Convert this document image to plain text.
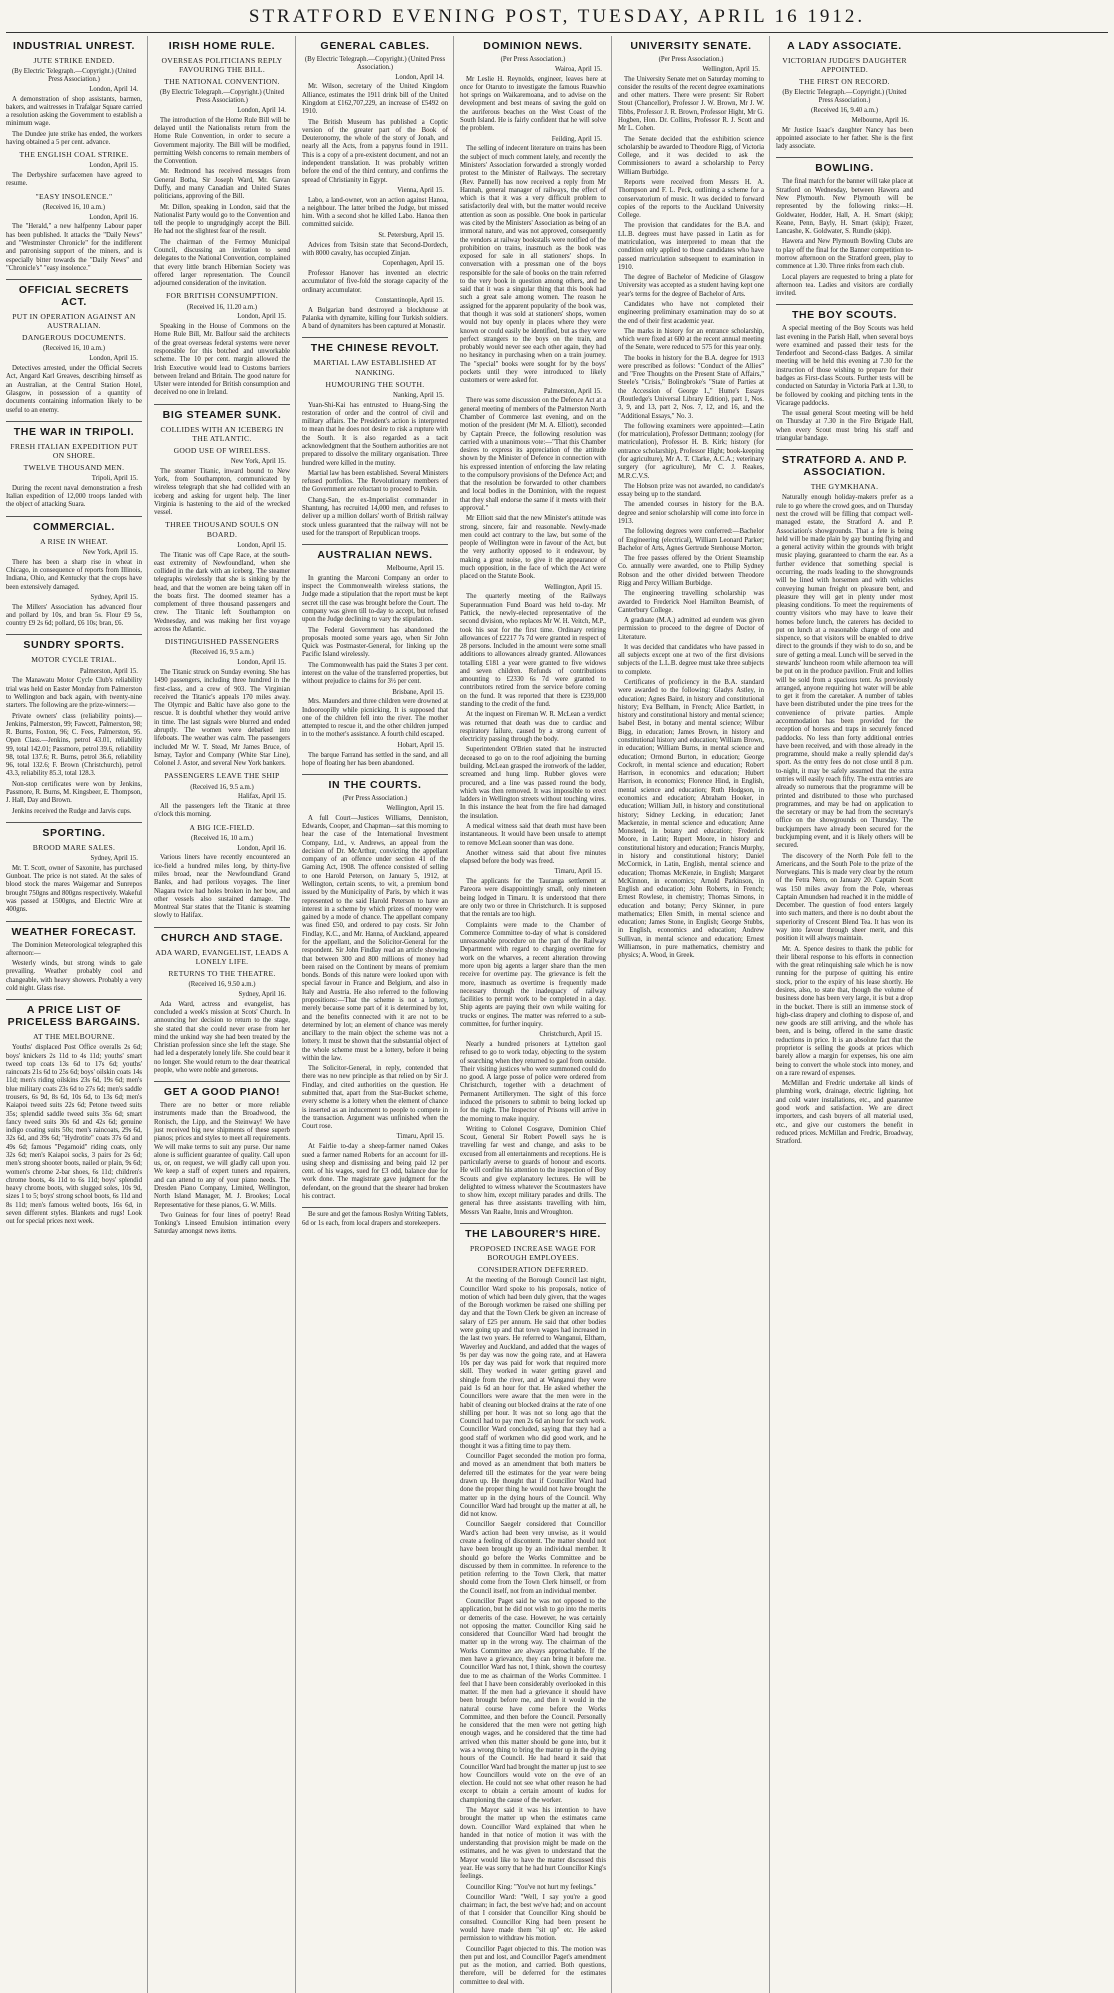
STRATFORD EVENING POST, TUESDAY, APRIL 16 1912.
INDUSTRIAL UNREST.
JUTE STRIKE ENDED.
(By Electric Telegraph.—Copyright.) (United Press Association.)
London, April 14.
A demonstration of shop assistants, barmen, bakers, and waitresses in Trafalgar Square carried a resolution asking the Government to establish a minimum wage.
The Dundee jute strike has ended, the workers having obtained a 5 per cent. advance.
THE ENGLISH COAL STRIKE.
London, April 15.
The Derbyshire surfacemen have agreed to resume.
"EASY INSOLENCE."
(Received 16, 10 a.m.)
London, April 16.
The "Herald," a new halfpenny Labour paper has been published. It attacks the "Daily News" and "Westminster Chronicle" for the indifferent and patronising support of the miners, and is especially bitter towards the "Daily News" and "Chronicle's" "easy insolence."
OFFICIAL SECRETS ACT.
PUT IN OPERATION AGAINST AN AUSTRALIAN.
DANGEROUS DOCUMENTS.
(Received 16, 10 a.m.)
London, April 15.
Detectives arrested, under the Official Secrets Act, Angard Karl Greaves, describing himself as an Australian, at the Central Station Hotel, Glasgow, in possession of a quantity of documents containing information likely to be useful to an enemy.
THE WAR IN TRIPOLI.
FRESH ITALIAN EXPEDITION PUT ON SHORE.
TWELVE THOUSAND MEN.
Tripoli, April 15.
During the recent naval demonstration a fresh Italian expedition of 12,000 troops landed with the object of attacking Suara.
COMMERCIAL.
A RISE IN WHEAT.
New York, April 15.
There has been a sharp rise in wheat in Chicago, in consequence of reports from Illinois, Indiana, Ohio, and Kentucky that the crops have been extensively damaged.
Sydney, April 15.
The Millers' Association has advanced flour and pollard by 10s, and bran 5s. Flour £9 5s, country £9 2s 6d; pollard, £6 10s; bran, £6.
SUNDRY SPORTS.
MOTOR CYCLE TRIAL.
Palmerston, April 15.
The Manawatu Motor Cycle Club's reliability trial was held on Easter Monday from Palmerston to Wellington and back again, with twenty-nine starters. The following are the prize-winners:—
Private owners' class (reliability points).—Jenkins, Palmerston, 99; Fawcett, Palmerston, 98; R. Burns, Foxton, 96; C. Fees, Palmerston, 95. Open Class.—Jenkins, petrol 43.01, reliability 99, total 142.01; Passmore, petrol 39.6, reliability 98, total 137.6; R. Burns, petrol 36.6, reliability 96, total 132.6; F. Brown (Christchurch), petrol 43.3, reliability 85.3, total 128.3.
Non-stop certificates were won by Jenkins, Passmore, R. Burns, M. Kingsbeer, E. Thompson, J. Hall, Day and Brown.
Jenkins received the Rudge and Jarvis cups.
SPORTING.
BROOD MARE SALES.
Sydney, April 15.
Mr. T. Scott, owner of Saxonite, has purchased Gunboat. The price is not stated. At the sales of blood stock the mares Waigemar and Sunrepos brought 750gns and 800gns respectively. Wakeful was passed at 1500gns, and Electric Wire at 400gns.
WEATHER FORECAST.
The Dominion Meteorological telegraphed this afternoon:—
Westerly winds, but strong winds to gale prevailing. Weather probably cool and changeable, with heavy showers. Probably a very cold night. Glass rise.
A PRICE LIST OF PRICELESS BARGAINS.
AT THE MELBOURNE.
Youths' displaced Post Office overalls 2s 6d; boys' knickers 2s 11d to 4s 11d; youths' smart tweed top coats 13s 6d to 17s 6d; youths' raincoats 21s 6d to 25s 6d; boys' oilskin coats 14s 11d; men's riding oilskins 23s 6d, 19s 6d; men's blue military coats 23s 6d to 27s 6d; men's saddle trousers, 6s 9d, 8s 6d, 10s 6d, to 13s 6d; men's Kaiapoi tweed suits 22s 6d; Petone tweed suits 35s; splendid saddle tweed suits 35s 6d; smart fancy tweed suits 30s 6d and 42s 6d; genuine indigo coating suits 50s; men's raincoats, 29s 6d, 32s 6d, and 39s 6d; "Hydrotite" coats 37s 6d and 49s 6d; famous "Pegamoid" riding coats, only 32s 6d; men's Kaiapoi socks, 3 pairs for 2s 6d; men's strong shooter boots, nailed or plain, 9s 6d; women's chrome 2-bar shoes, 6s 11d; children's chrome boots, 4s 11d to 6s 11d; boys' splendid heavy chrome boots, with slugged soles, 10s 9d, sizes 1 to 5; boys' strong school boots, 6s 11d and 8s 11d; men's famous welted boots, 16s 6d, in seven different styles. Blankets and rugs! Look out for special prices next week.
IRISH HOME RULE.
OVERSEAS POLITICIANS REPLY FAVOURING THE BILL.
THE NATIONAL CONVENTION.
(By Electric Telegraph.—Copyright.) (United Press Association.)
London, April 14.
The introduction of the Home Rule Bill will be delayed until the Nationalists return from the Home Rule Convention, in order to secure a Government majority. The Bill will be modified, permitting Welsh concerns to remain members of the Convention.
Mr. Redmond has received messages from General Botha, Sir Joseph Ward, Mr. Gavan Duffy, and many Canadian and United States politicians, approving of the Bill.
Mr. Dillon, speaking in London, said that the Nationalist Party would go to the Convention and tell the people to ungrudgingly accept the Bill. He had not the slightest fear of the result.
The chairman of the Fermoy Municipal Council, discussing an invitation to send delegates to the National Convention, complained that every little branch Hibernian Society was offered larger representation. The Council adjourned consideration of the invitation.
FOR BRITISH CONSUMPTION.
(Received 16, 11.20 a.m.)
London, April 15.
Speaking in the House of Commons on the Home Rule Bill, Mr. Balfour said the architects of the great overseas federal systems were never responsible for this botched and unworkable scheme. The 10 per cent. margin allowed the Irish Executive would lead to Customs barriers between Ireland and Britain. The good nature for Ulster were intended for British consumption and deceived no one in Ireland.
BIG STEAMER SUNK.
COLLIDES WITH AN ICEBERG IN THE ATLANTIC.
GOOD USE OF WIRELESS.
New York, April 15.
The steamer Titanic, inward bound to New York, from Southampton, communicated by wireless telegraph that she had collided with an iceberg and asking for urgent help. The liner Virginia is hastening to the aid of the wrecked vessel.
THREE THOUSAND SOULS ON BOARD.
London, April 15.
The Titanic was off Cape Race, at the south-east extremity of Newfoundland, when she collided in the dark with an iceberg. The steamer telegraphs wirelessly that she is sinking by the head, and that the women are being taken off in the boats first. The doomed steamer has a complement of three thousand passengers and crew. The Titanic left Southampton on Wednesday, and was making her first voyage across the Atlantic.
DISTINGUISHED PASSENGERS
(Received 16, 9.5 a.m.)
London, April 15.
The Titanic struck on Sunday evening. She has 1490 passengers, including three hundred in the first-class, and a crew of 903. The Virginian received the Titanic's appeals 170 miles away. The Olympic and Baltic have also gone to the rescue. It is doubtful whether they would arrive in time. The last signals were blurred and ended abruptly. The women were debarked into lifeboats. The weather was calm. The passengers included Mr W. T. Stead, Mr James Bruce, of Ismay, Taylor and Company (White Star Line), Colonel J. Astor, and several New York bankers.
PASSENGERS LEAVE THE SHIP
(Received 16, 9.5 a.m.)
Halifax, April 15.
All the passengers left the Titanic at three o'clock this morning.
A BIG ICE-FIELD.
(Received 16, 10 a.m.)
London, April 16.
Various liners have recently encountered an ice-field a hundred miles long, by thirty-five miles broad, near the Newfoundland Grand Banks, and had perilous voyages. The liner Niagara twice had holes broken in her bow, and other vessels also sustained damage. The Montreal Star states that the Titanic is steaming slowly to Halifax.
CHURCH AND STAGE.
ADA WARD, EVANGELIST, LEADS A LONELY LIFE.
RETURNS TO THE THEATRE.
(Received 16, 9.50 a.m.)
Sydney, April 16.
Ada Ward, actress and evangelist, has concluded a week's mission at Scots' Church. In announcing her decision to return to the stage, she stated that she could never erase from her mind the unkind way she had been treated by the Christian profession since she left the stage. She had led a desperately lonely life. She could bear it no longer. She would return to the dear theatrical people, who were noble and generous.
GET A GOOD PIANO!
There are no better or more reliable instruments made than the Broadwood, the Ronisch, the Lipp, and the Steinway! We have just received big new shipments of these superb pianos; prices and styles to meet all requirements. We will make terms to suit any purse. Our name alone is sufficient guarantee of quality. Call upon us, or, on request, we will gladly call upon you. We keep a staff of expert tuners and repairers, and can attend to any of your piano needs. The Dresden Piano Company, Limited, Wellington, North Island Manager, M. J. Brookes; Local Representative for these pianos, G. W. Mills.
Two Guineas for four lines of poetry! Read Tonking's Linseed Emulsion intimation every Saturday amongst news items.
GENERAL CABLES.
(By Electric Telegraph.—Copyright.) (United Press Association.)
London, April 14.
Mr. Wilson, secretary of the United Kingdom Alliance, estimates the 1911 drink bill of the United Kingdom at £162,707,229, an increase of £5492 on 1910.
The British Museum has published a Coptic version of the greater part of the Book of Deuteronomy, the whole of the story of Jonah, and nearly all the Acts, from a papyrus found in 1911. This is a copy of a pre-existent document, and not an independent translation. It was probably written before the end of the third century, and confirms the spread of Christianity in Egypt.
Vienna, April 15.
Labo, a land-owner, won an action against Hanoa, a neighbour. The latter bribed the Judge, but missed him. With a second shot he killed Labo. Hanoa then committed suicide.
St. Petersburg, April 15.
Advices from Tsitsin state that Second-Dordech, with 8000 cavalry, has occupied Zinjan.
Copenhagen, April 15.
Professor Hanover has invented an electric accumulator of five-fold the storage capacity of the ordinary accumulator.
Constantinople, April 15.
A Bulgarian band destroyed a blockhouse at Palanka with dynamite, killing four Turkish soldiers. A band of dynamiters has been captured at Monastir.
THE CHINESE REVOLT.
MARTIAL LAW ESTABLISHED AT NANKING.
HUMOURING THE SOUTH.
Nanking, April 15.
Yuan-Shi-Kai has entrusted to Huang-Sing the restoration of order and the control of civil and military affairs. The President's action is interpreted to mean that he does not desire to risk a rupture with the South. It is also regarded as a tacit acknowledgment that the Southern authorities are not prepared to dissolve the military organisation. Three hundred were killed in the mutiny.
Martial law has been established. Several Ministers refused portfolios. The Revolutionary members of the Government are reluctant to proceed to Pekin.
Chang-San, the ex-Imperialist commander in Shantung, has recruited 14,000 men, and refuses to deliver up a million dollars' worth of British railway stock unless guaranteed that the railway will not be used for the transport of Republican troops.
AUSTRALIAN NEWS.
Melbourne, April 15.
In granting the Marconi Company an order to inspect the Commonwealth wireless stations, the Judge made a stipulation that the report must be kept secret till the case was brought before the Court. The company was given till to-day to accept, but refused upon the Judge declining to vary the stipulation.
The Federal Government has abandoned the proposals mooted some years ago, when Sir John Quick was Postmaster-General, for linking up the Pacific Island wirelessly.
The Commonwealth has paid the States 3 per cent. interest on the value of the transferred properties, but without prejudice to claims for 3½ per cent.
Brisbane, April 15.
Mrs. Maunders and three children were drowned at Indooroopilly while picnicking. It is supposed that one of the children fell into the river. The mother attempted to rescue it, and the other children jumped in to the mother's assistance. A fourth child escaped.
Hobart, April 15.
The barque Farrand has settled in the sand, and all hope of floating her has been abandoned.
IN THE COURTS.
(Per Press Association.)
Wellington, April 15.
A full Court—Justices Williams, Denniston, Edwards, Cooper, and Chapman—sat this morning to hear the case of the International Investment Company, Ltd., v. Andrews, an appeal from the decision of Dr. McArthur, convicting the appellant company of an offence under section 41 of the Gaming Act, 1908. The offence consisted of selling to one Harold Peterson, on January 5, 1912, at Wellington, certain scents, to wit, a premium bond issued by the Municipality of Paris, by which it was represented to the said Harold Peterson to have an interest in a scheme by which prizes of money were gained by a mode of chance. The appellant company was fined £50, and ordered to pay costs. Sir John Findlay, K.C., and Mr. Hanna, of Auckland, appeared for the appellant, and the Solicitor-General for the respondent. Sir John Findlay read an article showing that between 300 and 800 millions of money had been raised on the Continent by means of premium bonds. Bonds of this nature were looked upon with special favour in France and Belgium, and also in Italy and Austria. He also referred to the following propositions:—That the scheme is not a lottery, merely because some part of it is determined by lot, and the benefits connected with it are not to be determined by lot; an element of chance was merely ancillary to the main object the scheme was not a lottery. It must be shown that the substantial object of the whole scheme must be a lottery, before it being within the law.
The Solicitor-General, in reply, contended that there was no new principle as that relied on by Sir J. Findlay, and cited authorities on the question. He submitted that, apart from the Star-Bucket scheme, every scheme is a lottery when the element of chance is inserted as an inducement to people to compete in the transaction. Argument was unfinished when the Court rose.
Timaru, April 15.
At Fairlie to-day a sheep-farmer named Oakes sued a farmer named Roberts for an account for ill-using sheep and dismissing and being paid 12 per cent. of his wages, sued for £3 odd, balance due for work done. The magistrate gave judgment for the defendant, on the ground that the shearer had broken his contract.
Be sure and get the famous Roslyn Writing Tablets, 6d or 1s each, from local drapers and storekeepers.
DOMINION NEWS.
(Per Press Association.)
Wairoa, April 15.
Mr Leslie H. Reynolds, engineer, leaves here at once for Otaruto to investigate the famous Ruawhio hot springs on Waikaremoana, and to advise on the development and best means of saving the gold on the auriferous beaches on the West Coast of the South Island. He is fairly confident that he will solve the problem.
Feilding, April 15.
The selling of indecent literature on trains has been the subject of much comment lately, and recently the Ministers' Association forwarded a strongly worded protest to the Minister of Railways. The secretary (Rev. Pannell) has now received a reply from Mr Hannah, general manager of railways, the effect of which is that it was a very difficult problem to satisfactorily deal with, but the matter would receive attention as soon as possible. One book in particular was cited by the Ministers' Association as being of an immoral nature, and was not approved, consequently the vendors at railway bookstalls were notified of the prohibition on trains, inasmuch as the book was exposed for sale in all stationers' shops. In conversation with a pressman one of the boys responsible for the sale of books on the train referred to the very book in question among others, and he said that it was a singular thing that this book had such a great sale among women. The reason he assigned for the apparent popularity of the book was, that though it was sold at stationers' shops, women would not buy openly in places where they were known or could easily be identified, but as they were perfect strangers to the boys on the train, and probably would never see each other again, they had no hesitancy in purchasing when on a train journey. The "special" books were sought for by the boys' pockets until they were introduced to likely customers or were asked for.
Palmerston, April 15.
There was some discussion on the Defence Act at a general meeting of members of the Palmerston North Chamber of Commerce last evening, and on the motion of the president (Mr M. A. Elliott), seconded by Captain Preece, the following resolution was carried with a unanimous vote:—"That this Chamber desires to express its appreciation of the attitude shown by the Minister of Defence in connection with his expressed intention of enforcing the law relating to the compulsory provisions of the Defence Act; and that the resolution be forwarded to other chambers and local bodies in the Dominion, with the request that they shall endorse the same if it meets with their approval."
Mr Elliott said that the new Minister's attitude was strong, sincere, fair and reasonable. Newly-made men could act contrary to the law, but some of the people of Wellington were in favour of the Act, but the very authority opposed to it endeavour, by making a great noise, to give it the appearance of much opposition, in the face of which the Act were placed on the Statute Book.
Wellington, April 15.
The quarterly meeting of the Railways Superannuation Fund Board was held to-day. Mr Pattick, the newly-elected representative of the second division, who replaces Mr W. H. Veitch, M.P., took his seat for the first time. Ordinary retiring allowances of £2217 7s 7d were granted in respect of 28 persons. Included in the amount were some small additions to allowances already granted. Allowances totalling £181 a year were granted to five widows and seven children. Refunds of contributions amounting to £2330 6s 7d were granted to contributors retired from the service before coming on the fund. It was reported that there is £239,000 standing to the credit of the fund.
At the inquest on Fireman W. R. McLean a verdict was returned that death was due to cardiac and respiratory failure, caused by a strong current of electricity passing through the body.
Superintendent O'Brien stated that he instructed deceased to go on to the roof adjoining the burning building. McLean grasped the ironwork of the ladder, screamed and hung limp. Rubber gloves were procured, and a line was passed round the body, which was then removed. It was impossible to erect ladders in Wellington streets without touching wires. In this instance the heat from the fire had damaged the insulation.
A medical witness said that death must have been instantaneous. It would have been unsafe to attempt to remove McLean sooner than was done.
Another witness said that about five minutes elapsed before the body was freed.
Timaru, April 15.
The applicants for the Tauranga settlement at Pareora were disappointingly small, only nineteen being lodged in Timaru. It is understood that there are only two or three in Christchurch. It is supposed that the rentals are too high.
Complaints were made to the Chamber of Commerce Committee to-day of what is considered unreasonable procedure on the part of the Railway Department with regard to charging overtime for work on the wharves, a recent alteration throwing more upon big agents a larger share than the men receive for overtime pay. The grievance is felt the more, inasmuch as overtime is frequently made necessary through the inadequacy of railway facilities to permit work to be completed in a day. Ship agents are paying their own while waiting for trucks or engines. The matter was referred to a sub-committee, for further inquiry.
Christchurch, April 15.
Nearly a hundred prisoners at Lyttelton gaol refused to go to work today, objecting to the system of searching when they returned to gaol from outside. Their visiting justices who were summoned could do no good. A large posse of police were ordered from Christchurch, together with a detachment of Permanent Artillerymen. The sight of this force induced the prisoners to submit to being locked up for the night. The Inspector of Prisons will arrive in the morning to make inquiry.
Writing to Colonel Cosgrave, Dominion Chief Scout, General Sir Robert Powell says he is travelling far west and change, and asks to be excused from all entertainments and receptions. He is particularly averse to guards of honour and escorts. He will confine his attention to the inspection of Boy Scouts and give explanatory lectures. He will be delighted to witness whatever the Scoutmasters have to show him, except military parades and drills. The general has three assistants travelling with him, Messrs Van Raalte, Innis and Wroughton.
THE LABOURER'S HIRE.
PROPOSED INCREASE WAGE FOR BOROUGH EMPLOYEES.
CONSIDERATION DEFERRED.
At the meeting of the Borough Council last night, Councillor Ward spoke to his proposals, notice of motion of which had been duly given, that the wages of the Borough workmen be raised one shilling per day and that the Town Clerk be given an increase of salary of £25 per annum. He said that other bodies were going up and that town wages had increased in the last two years. He referred to Wanganui, Eltham, Waverley and Auckland, and added that the wages of 9s per day was now the going rate, and at Hawera 10s per day was paid for work that required more skill. They worked in water getting gravel and shingle from the river, and at Wanganui they were paid 1s 6d an hour for that. He asked whether the Councillors were aware that the men were in the habit of cleaning out blocked drains at the rate of one shilling per hour. It was not so long ago that the Council had to pay men 2s 6d an hour for such work. Councillor Ward concluded, saying that they had a good staff of workmen who did good work, and he thought it was a fitting time to pay them.
Councillor Paget seconded the motion pro forma, and moved as an amendment that both matters be deferred till the estimates for the year were being drawn up. He thought that if Councillor Ward had done the proper thing he would not have brought the matter up in the dying hours of the Council. Why Councillor Ward had brought up the matter at all, he did not know.
Councillor Saegelr considered that Councillor Ward's action had been very unwise, as it would create a feeling of discontent. The matter should not have been brought up by an individual member. It should go before the Works Committee and be discussed by them in committee. In reference to the petition referring to the Town Clerk, that matter should come from the Town Clerk himself, or from the Council itself, not from an individual member.
Councillor Paget said he was not opposed to the application, but he did not wish to go into the merits or demerits of the case. However, he was certainly not opposing the matter. Councillor King said he considered that Councillor Ward had brought the matter up in the wrong way. The chairman of the Works Committee are always approachable. If the men have a grievance, they can bring it before me. Councillor Ward has not, I think, shown the courtesy due to me as chairman of the Works Committee. I feel that I have been considerably overlooked in this matter. If the men had a grievance it should have been brought before me, and then it would in the natural course have come before the Works Committee, and then before the Council. Personally he considered that the men were not getting high enough wages, and he considered that the time had arrived when this matter should be gone into, but it was a wrong thing to bring the matter up in the dying hours of the Council. He had heard it said that Councillor Ward had brought the matter up just to see how Councillors would vote on the eve of an election. He could not see what other reason he had except to obtain a certain amount of kudos for championing the cause of the worker.
The Mayor said it was his intention to have brought the matter up when the estimates came down. Councillor Ward explained that when he handed in that notice of motion it was with the understanding that provision might be made on the estimates, and he was given to understand that the Mayor would like to have the matter discussed this year. He was sorry that he had hurt Councillor King's feelings.
Councillor King: "You've not hurt my feelings."
Councillor Ward: "Well, I say you're a good chairman; in fact, the best we've had; and on account of that I consider that Councillor King should be consulted. Councillor King had been present he would have made them "sit up" etc. He asked permission to withdraw his motion.
Councillor Paget objected to this. The motion was then put and lost, and Councillor Paget's amendment put as the motion, and carried. Both questions, therefore, will be deferred for the estimates committee to deal with.
UNIVERSITY SENATE.
(Per Press Association.)
Wellington, April 15.
The University Senate met on Saturday morning to consider the results of the recent degree examinations and other matters. There were present: Sir Robert Stout (Chancellor), Professor J. W. Brown, Mr J. W. Tibbs, Professor J. R. Brown, Professor Hight, Mr G. Hogben, Hon. Dr. Collins, Professor R. J. Scott and Mr L. Cohen.
The Senate decided that the exhibition science scholarship be awarded to Theodore Rigg, of Victoria College, and it was decided to ask the Commissioners to award a scholarship to Percy William Burbidge.
Reports were received from Messrs H. A. Thompson and F. L. Peck, outlining a scheme for a conservatorium of music. It was decided to forward copies of the reports to the Auckland University College.
The provision that candidates for the B.A. and LL.B. degrees must have passed in Latin as for matriculation, was interpreted to mean that the condition only applied to those candidates who have passed matriculation subsequent to examination in 1910.
The degree of Bachelor of Medicine of Glasgow University was accepted as a student having kept one year's terms for the degree of Bachelor of Arts.
Candidates who have not completed their engineering preliminary examination may do so at the end of their first academic year.
The marks in history for an entrance scholarship, which were fixed at 600 at the recent annual meeting of the Senate, were reduced to 575 for this year only.
The books in history for the B.A. degree for 1913 were prescribed as follows: "Conduct of the Allies" and "Free Thoughts on the Present State of Affairs," Steele's "Crisis," Bolingbroke's "State of Parties at the Accession of George I.," Hume's Essays (Routledge's Universal Library Edition), part 1, Nos. 3, 9, and 13, part 2, Nos. 7, 12, and 16, and the "Additional Essays," No. 3.
The following examiners were appointed:—Latin (for matriculation), Professor Dettmann; zoology (for matriculation), Professor H. B. Kirk; history (for entrance scholarship), Professor Hight; book-keeping (for agriculture), Mr A. T. Clarke, A.C.A.; veterinary surgery (for agriculture), Mr C. J. Reakes, M.R.C.V.S.
The Hobson prize was not awarded, no candidate's essay being up to the standard.
The amended courses in history for the B.A. degree and senior scholarship will come into force in 1913.
The following degrees were conferred:—Bachelor of Engineering (electrical), William Leonard Parker; Bachelor of Arts, Agnes Gertrude Stenhouse Morton.
The free passes offered by the Orient Steamship Co. annually were awarded, one to Philip Sydney Robson and the other divided between Theodore Rigg and Percy William Burbidge.
The engineering travelling scholarship was awarded to Frederick Noel Hamilton Beamish, of Canterbury College.
A graduate (M.A.) admitted ad eundem was given permission to proceed to the degree of Doctor of Literature.
It was decided that candidates who have passed in all subjects except one at two of the first divisions subjects of the L.L.B. degree must take three subjects to complete.
Certificates of proficiency in the B.A. standard were awarded to the following: Gladys Astley, in education; Agnes Baird, in history and constitutional history; Eva Bellham, in French; Alice Bartlett, in history and constitutional history and mental science; Isabel Best, in botany and mental science; Wilbur Bigg, in education; James Brown, in history and constitutional history and education; William Brown, in education; William Burns, in mental science and education; Ormond Burton, in education; George Cockroft, in mental science and education; Robert Harrison, in economics and education; Hubert Harrison, in economics; Florence Hind, in English, mental science and education; Ruth Hodgson, in economics and education; Abraham Hooker, in education; William Jull, in history and constitutional history; Sidney Lecking, in education; Janet Mackenzie, in mental science and education; Anne Monsteed, in botany and education; Frederick Moore, in Latin; Rupert Moore, in history and constitutional history and education; Francis Murphy, in history and constitutional history; Daniel McCormick, in Latin, English, mental science and education; Thomas McKenzie, in English; Margaret McKinnon, in economics; Arnold Parkinson, in English and education; John Roberts, in French; Ernest Rowlese, in chemistry; Thomas Simons, in education and botany; Percy Skinner, in pure mathematics; Ellen Smith, in mental science and education; James Stone, in English; George Stubbs, in English, economics and education; Andrew Sullivan, in mental science and education; Ernest Williamson, in pure mathematics, chemistry and physics; A. Wood, in Greek.
A LADY ASSOCIATE.
VICTORIAN JUDGE'S DAUGHTER APPOINTED.
THE FIRST ON RECORD.
(By Electric Telegraph.—Copyright.) (United Press Association.)
(Received 16, 9.40 a.m.)
Melbourne, April 16.
Mr Justice Isaac's daughter Nancy has been appointed associate to her father. She is the first lady associate.
BOWLING.
The final match for the banner will take place at Stratford on Wednesday, between Hawera and New Plymouth. New Plymouth will be represented by the following rinks:—H. Goldwater, Hodder, Hall, A. H. Smart (skip); Keane, Penn, Bayly, H. Smart (skip); Frazer, Lancashe, K. Goldwater, S. Rundle (skip).
Hawera and New Plymouth Bowling Clubs are to play off the final for the Banner competition to-morrow afternoon on the Stratford green, play to commence at 1.30. Three rinks from each club.
Local players are requested to bring a plate for afternoon tea. Ladies and visitors are cordially invited.
THE BOY SCOUTS.
A special meeting of the Boy Scouts was held last evening in the Parish Hall, when several boys were examined and passed their tests for the Tenderfoot and Second-class Badges. A similar meeting will be held this evening at 7.30 for the instruction of those wishing to prepare for their badges as First-class Scouts. Further tests will be conducted on Saturday in Victoria Park at 1.30, to be followed by cooking and pitching tents in the Vicarage paddocks.
The usual general Scout meeting will be held on Thursday at 7.30 in the Fire Brigade Hall, when every Scout must bring his staff and triangular bandage.
STRATFORD A. AND P. ASSOCIATION.
THE GYMKHANA.
Naturally enough holiday-makers prefer as a rule to go where the crowd goes, and on Thursday next the crowd will be filling that compact well-managed estate, the Stratford A. and P. Association's showgrounds. That a fete is being held will be made plain by gay bunting flying and a general activity within the grounds with bright music playing, guaranteed to charm the ear. As a further evidence that something special is occurring, the roads leading to the showgrounds will be lined with horsemen and with vehicles conveying human freight on pleasure bent, and pleasure they will get in plenty under most pleasing conditions. To meet the requirements of country visitors who may have to leave their homes before lunch, the caterers has decided to put on lunch at a reasonable charge of one and sixpence, so that visitors will be enabled to drive direct to the grounds if they wish to do so, and be sure of getting a meal. Lunch will be served in the stewards' luncheon room while afternoon tea will be put on in the produce pavilion. Fruit and lollies will be sold from a spacious tent. As previously arranged, anyone requiring hot water will be able to get it from the caretaker. A number of tables have been distributed under the pine trees for the convenience of private parties. Ample accommodation has been provided for the reception of horses and traps in securely fenced paddocks. No less than forty additional entries have been received, and with those already in the programme, should make a really splendid day's sport. As the entry fees do not close until 8 p.m. to-night, it may be safely assumed that the extra entries will easily reach fifty. The extra entries are already so numerous that the programme will be printed and distributed to those who purchased programmes, and may be had on application to the secretary or may be had from the secretary's office on the showgrounds on Thursday. The buckjumpers have already been secured for the buckjumping event, and it is likely others will be secured.
The discovery of the North Pole fell to the Americans, and the South Pole to the prize of the Norwegians. This is made very clear by the return of the Fetra Nero, on January 20. Captain Scott was 150 miles away from the Pole, whereas Captain Amundsen had reached it in the middle of December. The question of food enters largely into such matters, and there is no doubt about the superiority of Crescent Blend Tea. It has won its way into favour through sheer merit, and this position it will always maintain.
Mr. A. Spence desires to thank the public for their liberal response to his efforts in connection with the great relinquishing sale which he is now running for the purpose of quitting his entire stock, prior to the expiry of his lease shortly. He desires, also, to state that, though the volume of business done has been very large, it is but a drop in the bucket. There is still an immense stock of high-class drapery and clothing to dispose of, and new goods are still arriving, and the whole has been, and is being, offered in the same drastic reductions in price. It is an absolute fact that the proprietor is selling the goods at prices which barely allow a margin for expenses, his one aim being to convert the whole stock into money, and on a rare reward of expenses.
McMillan and Fredric undertake all kinds of plumbing work, drainage, electric lighting, hot and cold water installations, etc., and guarantee good work and satisfaction. We are direct importers, and cash buyers of all material used, etc., and give our customers the benefit in reduced prices. McMillan and Fredric, Broadway, Stratford.
